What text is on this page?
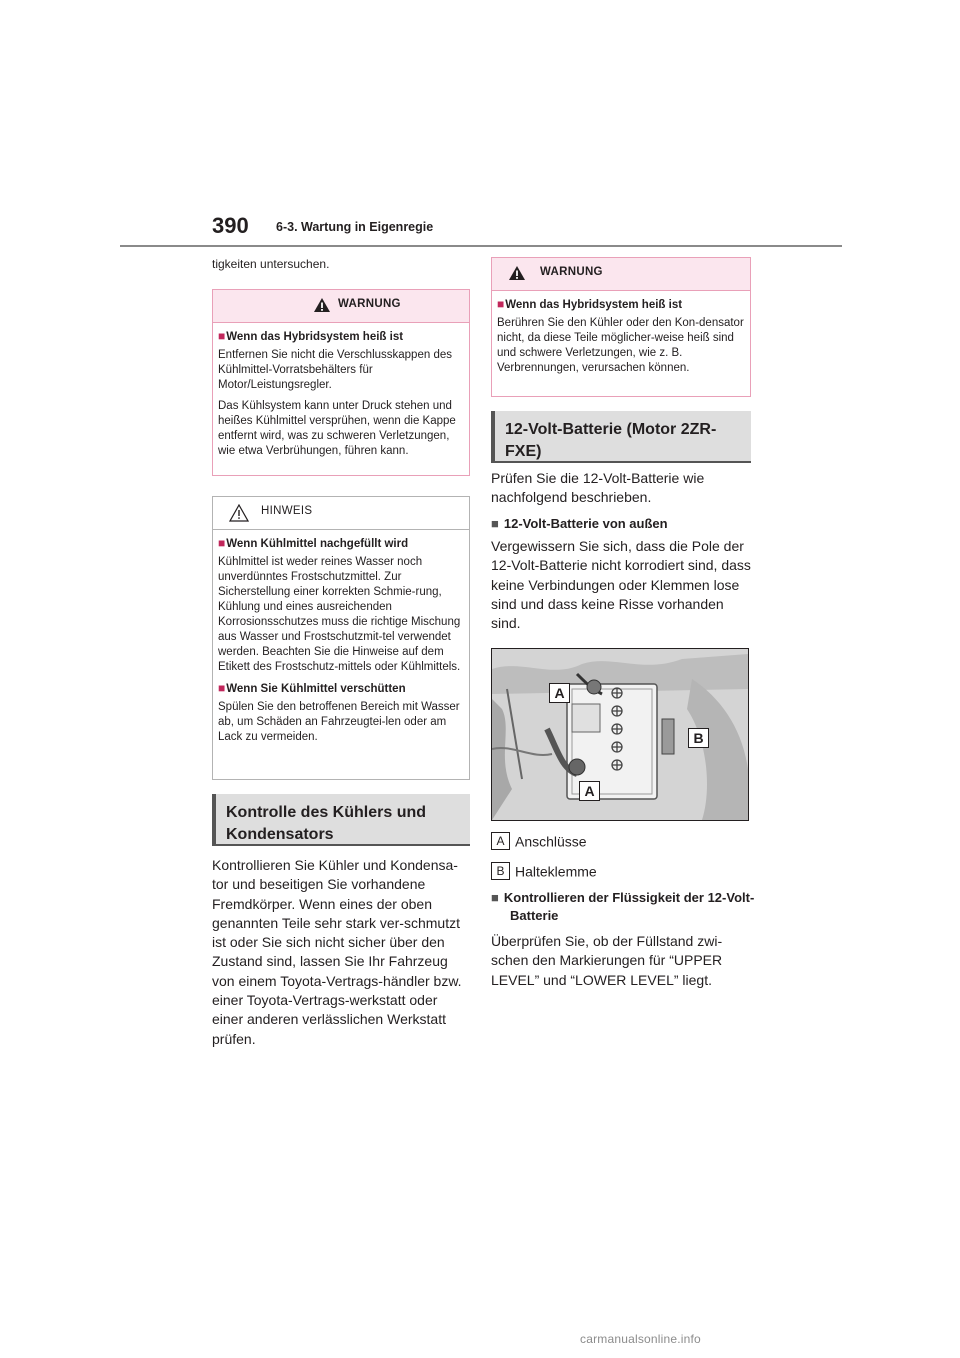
390 6-3. Wartung in Eigenregie
tigkeiten untersuchen.
WARNUNG
■Wenn das Hybridsystem heiß ist

Entfernen Sie nicht die Verschlusskappen des Kühlmittel-Vorratsbehälters für Motor/Leistungsregler.

Das Kühlsystem kann unter Druck stehen und heißes Kühlmittel versprühen, wenn die Kappe entfernt wird, was zu schweren Verletzungen, wie etwa Verbrühungen, führen kann.

HINWEIS
■Wenn Kühlmittel nachgefüllt wird

Kühlmittel ist weder reines Wasser noch unverdünntes Frostschutzmittel. Zur Sicherstellung einer korrekten Schmie-rung, Kühlung und eines ausreichenden Korrosionsschutzes muss die richtige Mischung aus Wasser und Frostschutzmit-tel verwendet werden. Beachten Sie die Hinweise auf dem Etikett des Frostschutz-mittels oder Kühlmittels.

■Wenn Sie Kühlmittel verschütten

Spülen Sie den betroffenen Bereich mit Wasser ab, um Schäden an Fahrzeugtei-len oder am Lack zu vermeiden.

Kontrolle des Kühlers und Kondensators
Kontrollieren Sie Kühler und Kondensa-tor und beseitigen Sie vorhandene Fremdkörper. Wenn eines der oben genannten Teile sehr stark ver-schmutzt ist oder Sie sich nicht sicher über den Zustand sind, lassen Sie Ihr Fahrzeug von einem Toyota-Vertrags-händler bzw. einer Toyota-Vertrags-werkstatt oder einer anderen verlässlichen Werkstatt prüfen.
WARNUNG
■Wenn das Hybridsystem heiß ist

Berühren Sie den Kühler oder den Kon-densator nicht, da diese Teile möglicher-weise heiß sind und schwere Verletzungen, wie z. B. Verbrennungen, verursachen können.

12-Volt-Batterie (Motor 2ZR-FXE)
Prüfen Sie die 12-Volt-Batterie wie nachfolgend beschrieben.
■ 12-Volt-Batterie von außen
Vergewissern Sie sich, dass die Pole der 12-Volt-Batterie nicht korrodiert sind, dass keine Verbindungen oder Klemmen lose sind und dass keine Risse vorhanden sind.
A
B
A
A Anschlüsse
B Halteklemme
■ Kontrollieren der Flüssigkeit der 12-Volt-Batterie
Überprüfen Sie, ob der Füllstand zwi-schen den Markierungen für “UPPER LEVEL” und “LOWER LEVEL” liegt.
carmanualsonline.info
